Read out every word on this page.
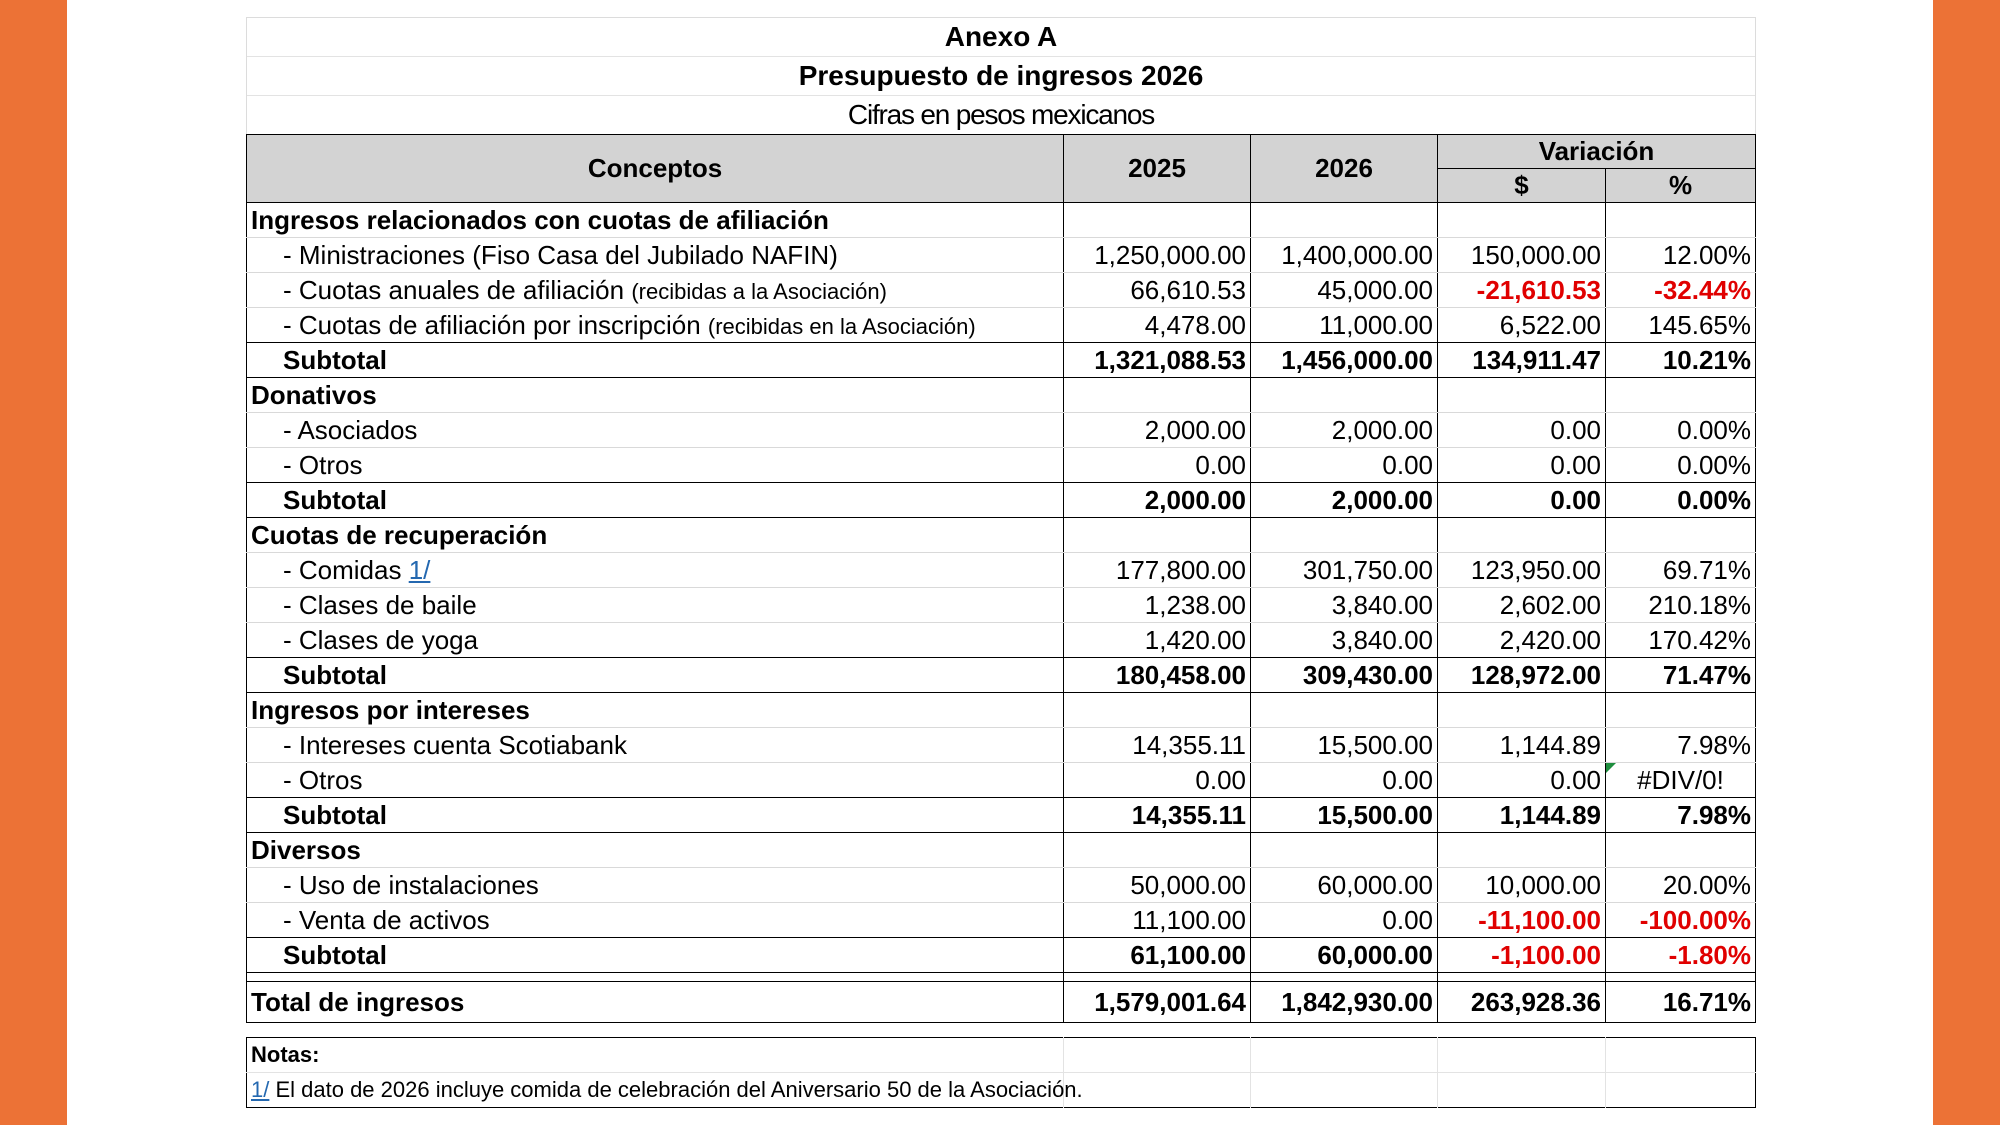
Anexo A
Presupuesto de ingresos 2026
Cifras en pesos mexicanos
Conceptos	2025	2026	Variación	
			$	%
Ingresos relacionados con cuotas de afiliación				
- Ministraciones (Fiso Casa del Jubilado NAFIN)	1,250,000.00	1,400,000.00	150,000.00	12.00%
- Cuotas anuales de afiliación (recibidas a la Asociación)	66,610.53	45,000.00	-21,610.53	-32.44%
- Cuotas de afiliación por inscripción (recibidas en la Asociación)	4,478.00	11,000.00	6,522.00	145.65%
Subtotal	1,321,088.53	1,456,000.00	134,911.47	10.21%
Donativos				
- Asociados	2,000.00	2,000.00	0.00	0.00%
- Otros	0.00	0.00	0.00	0.00%
Subtotal	2,000.00	2,000.00	0.00	0.00%
Cuotas de recuperación				
- Comidas 1/	177,800.00	301,750.00	123,950.00	69.71%
- Clases de baile	1,238.00	3,840.00	2,602.00	210.18%
- Clases de yoga	1,420.00	3,840.00	2,420.00	170.42%
Subtotal	180,458.00	309,430.00	128,972.00	71.47%
Ingresos por intereses				
- Intereses cuenta Scotiabank	14,355.11	15,500.00	1,144.89	7.98%
- Otros	0.00	0.00	0.00	#DIV/0!
Subtotal	14,355.11	15,500.00	1,144.89	7.98%
Diversos				
- Uso de instalaciones	50,000.00	60,000.00	10,000.00	20.00%
- Venta de activos	11,100.00	0.00	-11,100.00	-100.00%
Subtotal	61,100.00	60,000.00	-1,100.00	-1.80%

Total de ingresos	1,579,001.64	1,842,930.00	263,928.36	16.71%
Notas:				
1/ El dato de 2026 incluye comida de celebración del Aniversario 50 de la Asociación.				
